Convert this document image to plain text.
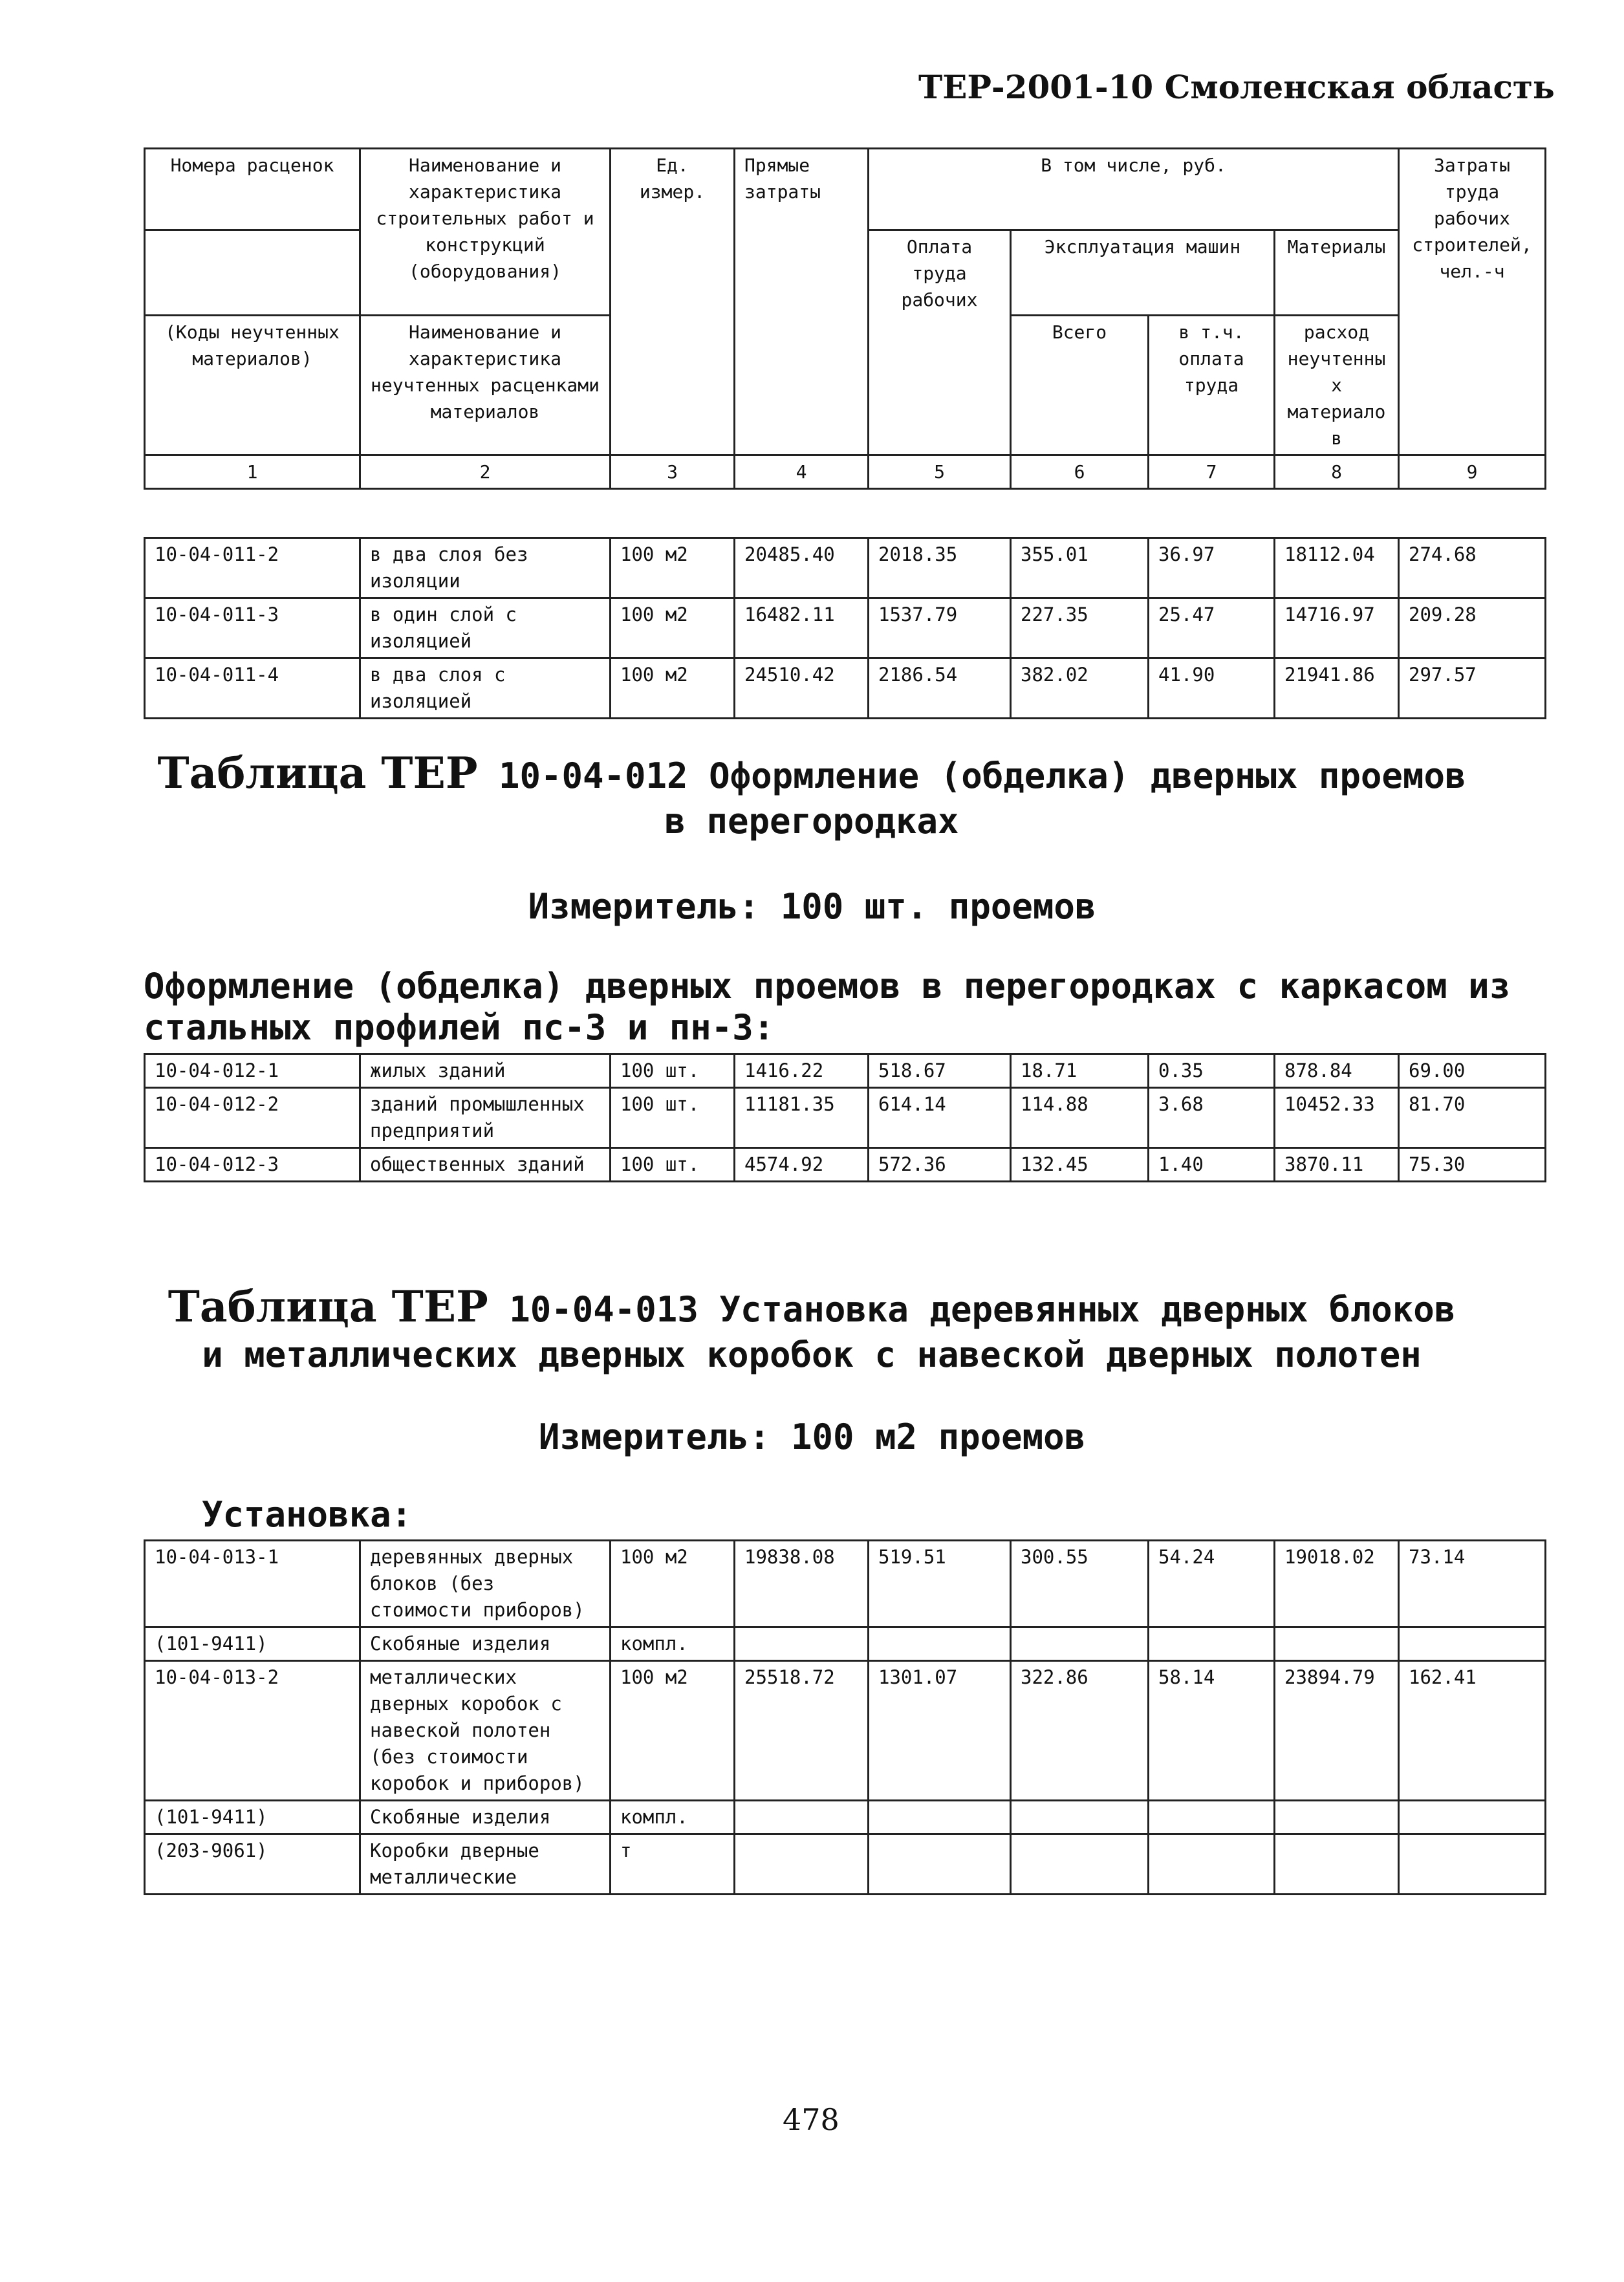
ТЕР-2001-10 Смоленская область
Номера расценок	Наименование и характеристика строительных работ и конструкций (оборудования)	Ед. измер.	Прямые затраты	В том числе, руб.				Затраты труда рабочих строителей, чел.-ч
				Оплата труда рабочих	Эксплуатация машин		Материалы	
(Коды неучтенных материалов)	Наименование и характеристика неучтенных расценками материалов				Всего	в т.ч. оплата труда	расход неучтенных материалов	

1	2	3	4	5	6	7	8	9
10-04-011-2	в два слоя без изоляции	100 м2	20485.40	2018.35	355.01	36.97	18112.04	274.68
10-04-011-3	в один слой с изоляцией	100 м2	16482.11	1537.79	227.35	25.47	14716.97	209.28
10-04-011-4	в два слоя с изоляцией	100 м2	24510.42	2186.54	382.02	41.90	21941.86	297.57
Таблица ТЕР 10-04-012 Оформление (обделка) дверных проемов в перегородках
Измеритель: 100 шт. проемов
Оформление (обделка) дверных проемов в перегородках с каркасом из стальных профилей пс-3 и пн-3:
10-04-012-1	жилых зданий	100 шт.	1416.22	518.67	18.71	0.35	878.84	69.00
10-04-012-2	зданий промышленных предприятий	100 шт.	11181.35	614.14	114.88	3.68	10452.33	81.70
10-04-012-3	общественных зданий	100 шт.	4574.92	572.36	132.45	1.40	3870.11	75.30
Таблица ТЕР 10-04-013 Установка деревянных дверных блоков и металлических дверных коробок с навеской дверных полотен
Измеритель: 100 м2 проемов
Установка:
10-04-013-1	деревянных дверных блоков (без стоимости приборов)	100 м2	19838.08	519.51	300.55	54.24	19018.02	73.14
(101-9411)	Скобяные изделия	компл.						
10-04-013-2	металлических дверных коробок с навеской полотен (без стоимости коробок и приборов)	100 м2	25518.72	1301.07	322.86	58.14	23894.79	162.41
(101-9411)	Скобяные изделия	компл.						
(203-9061)	Коробки дверные металлические	т						
478
